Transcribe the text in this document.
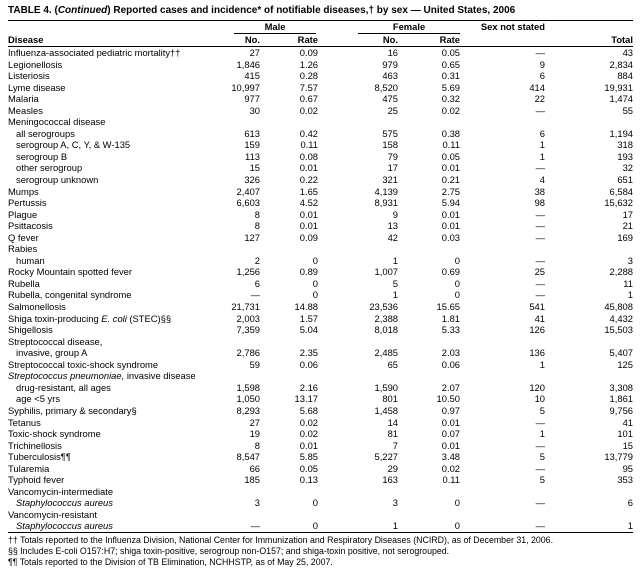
TABLE 4. (Continued) Reported cases and incidence* of notifiable diseases,† by sex — United States, 2006
Disease	Male		Female		Sex not stated	Total
	No.	Rate	No.	Rate		
Influenza-associated pediatric mortality††	27	0.09	16	0.05	—	43
Legionellosis	1,846	1.26	979	0.65	9	2,834
Listeriosis	415	0.28	463	0.31	6	884
Lyme disease	10,997	7.57	8,520	5.69	414	19,931
Malaria	977	0.67	475	0.32	22	1,474
Measles	30	0.02	25	0.02	—	55
Meningococcal disease						
all serogroups	613	0.42	575	0.38	6	1,194
serogroup A, C, Y, & W-135	159	0.11	158	0.11	1	318
serogroup B	113	0.08	79	0.05	1	193
other serogroup	15	0.01	17	0.01	—	32
serogroup unknown	326	0.22	321	0.21	4	651
Mumps	2,407	1.65	4,139	2.75	38	6,584
Pertussis	6,603	4.52	8,931	5.94	98	15,632
Plague	8	0.01	9	0.01	—	17
Psittacosis	8	0.01	13	0.01	—	21
Q fever	127	0.09	42	0.03	—	169
Rabies						
human	2	0	1	0	—	3
Rocky Mountain spotted fever	1,256	0.89	1,007	0.69	25	2,288
Rubella	6	0	5	0	—	11
Rubella, congenital syndrome	—	0	1	0	—	1
Salmonellosis	21,731	14.88	23,536	15.65	541	45,808
Shiga toxin-producing E. coli (STEC)§§	2,003	1.57	2,388	1.81	41	4,432
Shigellosis	7,359	5.04	8,018	5.33	126	15,503
Streptococcal disease,						
invasive, group A	2,786	2.35	2,485	2.03	136	5,407
Streptococcal toxic-shock syndrome	59	0.06	65	0.06	1	125
Streptococcus pneumoniae, invasive disease						
drug-resistant, all ages	1,598	2.16	1,590	2.07	120	3,308
age <5 yrs	1,050	13.17	801	10.50	10	1,861
Syphilis, primary & secondary§	8,293	5.68	1,458	0.97	5	9,756
Tetanus	27	0.02	14	0.01	—	41
Toxic-shock syndrome	19	0.02	81	0.07	1	101
Trichinellosis	8	0.01	7	0.01	—	15
Tuberculosis¶¶	8,547	5.85	5,227	3.48	5	13,779
Tularemia	66	0.05	29	0.02	—	95
Typhoid fever	185	0.13	163	0.11	5	353
Vancomycin-intermediate						
Staphylococcus aureus	3	0	3	0	—	6
Vancomycin-resistant						
Staphylococcus aureus	—	0	1	0	—	1
†† Totals reported to the Influenza Division, National Center for Immunization and Respiratory Diseases (NCIRD), as of December 31, 2006.
§§ Includes E-coli O157:H7; shiga toxin-positive, serogroup non-O157; and shiga-toxin positive, not serogrouped.
¶¶ Totals reported to the Division of TB Elimination, NCHHSTP, as of May 25, 2007.
